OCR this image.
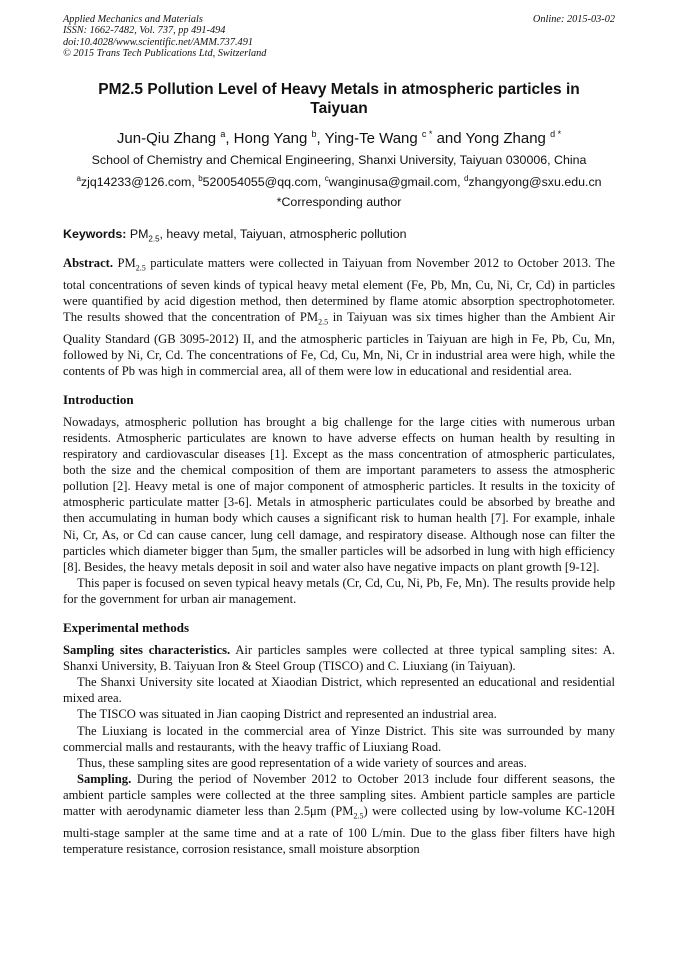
Applied Mechanics and Materials
ISSN: 1662-7482, Vol. 737, pp 491-494
doi:10.4028/www.scientific.net/AMM.737.491
© 2015 Trans Tech Publications Ltd, Switzerland
Online: 2015-03-02
PM2.5 Pollution Level of Heavy Metals in atmospheric particles in Taiyuan
Jun-Qiu Zhang $^a$, Hong Yang $^b$, Ying-Te Wang $^{c *}$ and Yong Zhang $^{d *}$
School of Chemistry and Chemical Engineering, Shanxi University, Taiyuan 030006, China
$^a$zjq14233@126.com, $^b$520054055@qq.com, $^c$wanginusa@gmail.com, $^d$zhangyong@sxu.edu.cn
*Corresponding author
Keywords: $PM_{2.5}$, heavy metal, Taiyuan, atmospheric pollution

Abstract. $PM_{2.5}$ particulate matters were collected in Taiyuan from November 2012 to October 2013. The total concentrations of seven kinds of typical heavy metal element (Fe, Pb, Mn, Cu, Ni, Cr, Cd) in particles were quantified by acid digestion method, then determined by flame atomic absorption spectrophotometer. The results showed that the concentration of $PM_{2.5}$ in Taiyuan was six times higher than the Ambient Air Quality Standard (GB 3095-2012) II, and the atmospheric particles in Taiyuan are high in Fe, Pb, Cu, Mn, followed by Ni, Cr, Cd. The concentrations of Fe, Cd, Cu, Mn, Ni, Cr in industrial area were high, while the contents of Pb was high in commercial area, all of them were low in educational and residential area.

Introduction

Nowadays, atmospheric pollution has brought a big challenge for the large cities with numerous urban residents. Atmospheric particulates are known to have adverse effects on human health by resulting in respiratory and cardiovascular diseases [1]. Except as the mass concentration of atmospheric particulates, both the size and the chemical composition of them are important parameters to assess the atmospheric pollution [2]. Heavy metal is one of major component of atmospheric particles. It results in the toxicity of atmospheric particulate matter [3-6]. Metals in atmospheric particulates could be absorbed by breathe and then accumulating in human body which causes a significant risk to human health [7]. For example, inhale Ni, Cr, As, or Cd can cause cancer, lung cell damage, and respiratory disease. Although nose can filter the particles which diameter bigger than 5μm, the smaller particles will be adsorbed in lung with high efficiency [8]. Besides, the heavy metals deposit in soil and water also have negative impacts on plant growth [9-12].

This paper is focused on seven typical heavy metals (Cr, Cd, Cu, Ni, Pb, Fe, Mn). The results provide help for the government for urban air management.

Experimental methods

Sampling sites characteristics. Air particles samples were collected at three typical sampling sites: A. Shanxi University, B. Taiyuan Iron & Steel Group (TISCO) and C. Liuxiang (in Taiyuan).

The Shanxi University site located at Xiaodian District, which represented an educational and residential mixed area.

The TISCO was situated in Jian caoping District and represented an industrial area.

The Liuxiang is located in the commercial area of Yinze District. This site was surrounded by many commercial malls and restaurants, with the heavy traffic of Liuxiang Road.

Thus, these sampling sites are good representation of a wide variety of sources and areas.

Sampling. During the period of November 2012 to October 2013 include four different seasons, the ambient particle samples were collected at the three sampling sites. Ambient particle samples are particle matter with aerodynamic diameter less than 2.5μm $(PM_{2.5})$ were collected using by low-volume KC-120H multi-stage sampler at the same time and at a rate of 100 L/min. Due to the glass fiber filters have high temperature resistance, corrosion resistance, small moisture absorption
